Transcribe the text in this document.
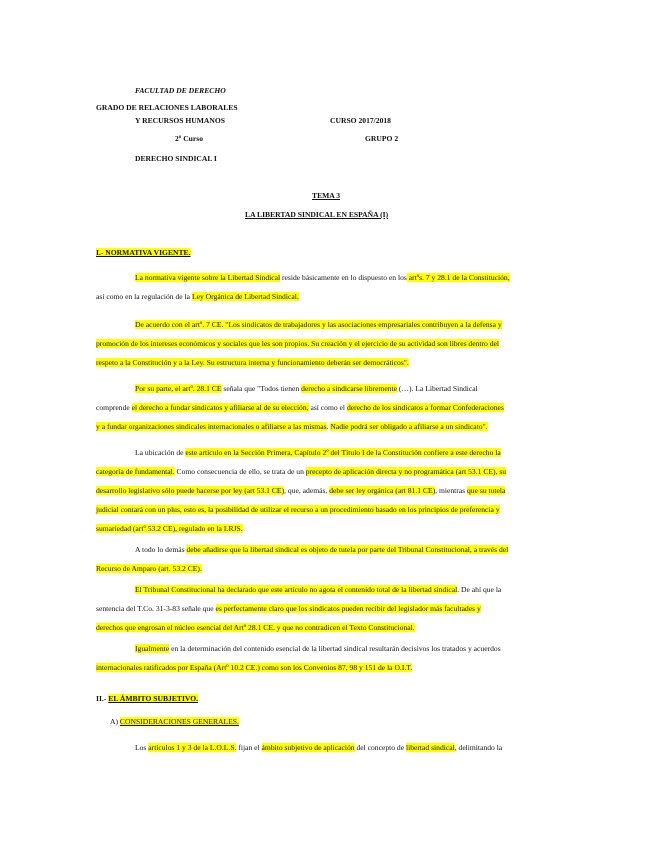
FACULTAD DE DERECHO
GRADO DE RELACIONES LABORALES
Y RECURSOS HUMANOS	CURSO 2017/2018
2º Curso	GRUPO 2
DERECHO SINDICAL I
TEMA 3
LA LIBERTAD SINDICAL EN ESPAÑA (I)
I.- NORMATIVA VIGENTE.
La normativa vigente sobre la Libertad Sindical reside básicamente en lo dispuesto en los artºs. 7 y 28.1 de la Constitución,
así como en la regulación de la Ley Orgánica de Libertad Sindical.
De acuerdo con el artº. 7 CE. "Los sindicatos de trabajadores y las asociaciones empresariales contribuyen a la defensa y
promoción de los intereses económicos y sociales que les son propios. Su creación y el ejercicio de su actividad son libres dentro del
respeto a la Constitución y a la Ley. Su estructura interna y funcionamiento deberán ser democráticos".
Por su parte, el artº. 28.1 CE señala que "Todos tienen derecho a sindicarse libremente (…). La Libertad Sindical
comprende el derecho a fundar sindicatos y afiliarse al de su elección, así como el derecho de los sindicatos a formar Confederaciones
y a fundar organizaciones sindicales internacionales o afiliarse a las mismas. Nadie podrá ser obligado a afiliarse a un sindicato".
La ubicación de este artículo en la Sección Primera, Capítulo 2º del Título I de la Constitución confiere a este derecho la
categoría de fundamental. Como consecuencia de ello, se trata de un precepto de aplicación directa y no programática (art 53.1 CE), su
desarrollo legislativo sólo puede hacerse por ley (art 53.1 CE), que, además, debe ser ley orgánica (art 81.1 CE), mientras que su tutela
judicial contará con un plus, esto es, la posibilidad de utilizar el recurso a un procedimiento basado en los principios de preferencia y
sumariedad (artº 53.2 CE), regulado en la LRJS.
A todo lo demás debe añadirse que la libertad sindical es objeto de tutela por parte del Tribunal Constitucional, a través del
Recurso de Amparo (art. 53.2 CE).
El Tribunal Constitucional ha declarado que este artículo no agota el contenido total de la libertad sindical. De ahí que la
sentencia del T.Co. 31-3-83 señale que es perfectamente claro que los sindicatos pueden recibir del legislador más facultades y
derechos que engrosan el núcleo esencial del Artº 28.1 CE. y que no contradicen el Texto Constitucional.
Igualmente en la determinación del contenido esencial de la libertad sindical resultarán decisivos los tratados y acuerdos
internacionales ratificados por España (Artº 10.2 CE.) como son los Convenios 87, 98 y 151 de la O.I.T.
II.- EL ÁMBITO SUBJETIVO.
A) CONSIDERACIONES GENERALES.
Los artículos 1 y 3 de la L.O.L.S. fijan el ámbito subjetivo de aplicación del concepto de libertad sindical, delimitando la
